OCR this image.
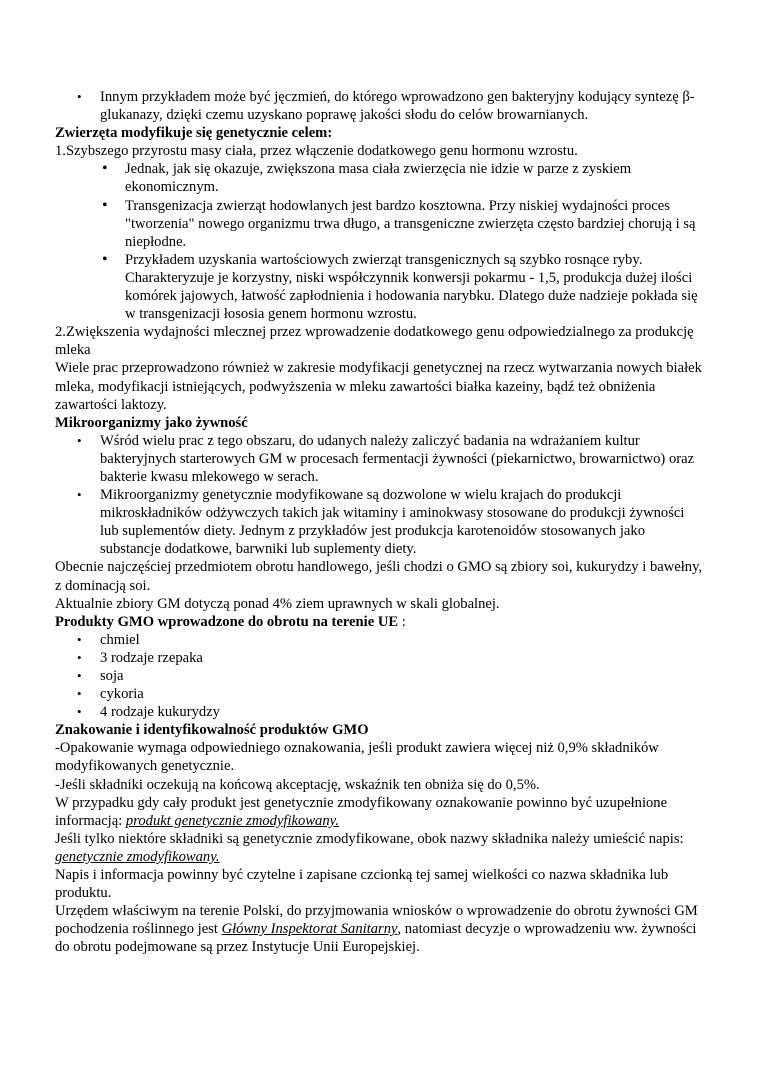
• Innym przykładem może być jęczmień, do którego wprowadzono gen bakteryjny kodujący syntezę β- glukanazy, dzięki czemu uzyskano poprawę jakości słodu do celów browarnianych.

Zwierzęta modyfikuje się genetycznie celem:

1.Szybszego przyrostu masy ciała, przez włączenie dodatkowego genu hormonu wzrostu.

• Jednak, jak się okazuje, zwiększona masa ciała zwierzęcia nie idzie w parze z zyskiem ekonomicznym.
• Transgenizacja zwierząt hodowlanych jest bardzo kosztowna. Przy niskiej wydajności proces "tworzenia" nowego organizmu trwa długo, a transgeniczne zwierzęta często bardziej chorują i są niepłodne.
• Przykładem uzyskania wartościowych zwierząt transgenicznych są szybko rosnące ryby. Charakteryzuje je korzystny, niski współczynnik konwersji pokarmu - 1,5, produkcja dużej ilości komórek jajowych, łatwość zapłodnienia i hodowania narybku. Dlatego duże nadzieje pokłada się w transgenizacji łososia genem hormonu wzrostu.

2.Zwiększenia wydajności mlecznej przez wprowadzenie dodatkowego genu odpowiedzialnego za produkcję mleka

Wiele prac przeprowadzono również w zakresie modyfikacji genetycznej na rzecz wytwarzania nowych białek mleka, modyfikacji istniejących, podwyższenia w mleku zawartości białka kazeiny, bądź też obniżenia zawartości laktozy.

Mikroorganizmy jako żywność

• Wśród wielu prac z tego obszaru, do udanych należy zaliczyć badania na wdrażaniem kultur bakteryjnych starterowych GM w procesach fermentacji żywności (piekarnictwo, browarnictwo) oraz bakterie kwasu mlekowego w serach.
• Mikroorganizmy genetycznie modyfikowane są dozwolone w wielu krajach do produkcji mikroskładników odżywczych takich jak witaminy i aminokwasy stosowane do produkcji żywności lub suplementów diety. Jednym z przykładów jest produkcja karotenoidów stosowanych jako substancje dodatkowe, barwniki lub suplementy diety.

Obecnie najczęściej przedmiotem obrotu handlowego, jeśli chodzi o GMO są zbiory soi, kukurydzy i bawełny, z dominacją soi.

Aktualnie zbiory GM dotyczą ponad 4% ziem uprawnych w skali globalnej.

Produkty GMO wprowadzone do obrotu na terenie UE :

• chmiel
• 3 rodzaje rzepaka
• soja
• cykoria
• 4 rodzaje kukurydzy

Znakowanie i identyfikowalność produktów GMO

-Opakowanie wymaga odpowiedniego oznakowania, jeśli produkt zawiera więcej niż 0,9% składników modyfikowanych genetycznie.

-Jeśli składniki oczekują na końcową akceptację, wskaźnik ten obniża się do 0,5%.

W przypadku gdy cały produkt jest genetycznie zmodyfikowany oznakowanie powinno być uzupełnione informacją: produkt genetycznie zmodyfikowany.

Jeśli tylko niektóre składniki są genetycznie zmodyfikowane, obok nazwy składnika należy umieścić napis: genetycznie zmodyfikowany.

Napis i informacja powinny być czytelne i zapisane czcionką tej samej wielkości co nazwa składnika lub produktu.

Urzędem właściwym na terenie Polski, do przyjmowania wniosków o wprowadzenie do obrotu żywności GM pochodzenia roślinnego jest Główny Inspektorat Sanitarny, natomiast decyzje o wprowadzeniu ww. żywności do obrotu podejmowane są przez Instytucje Unii Europejskiej.
